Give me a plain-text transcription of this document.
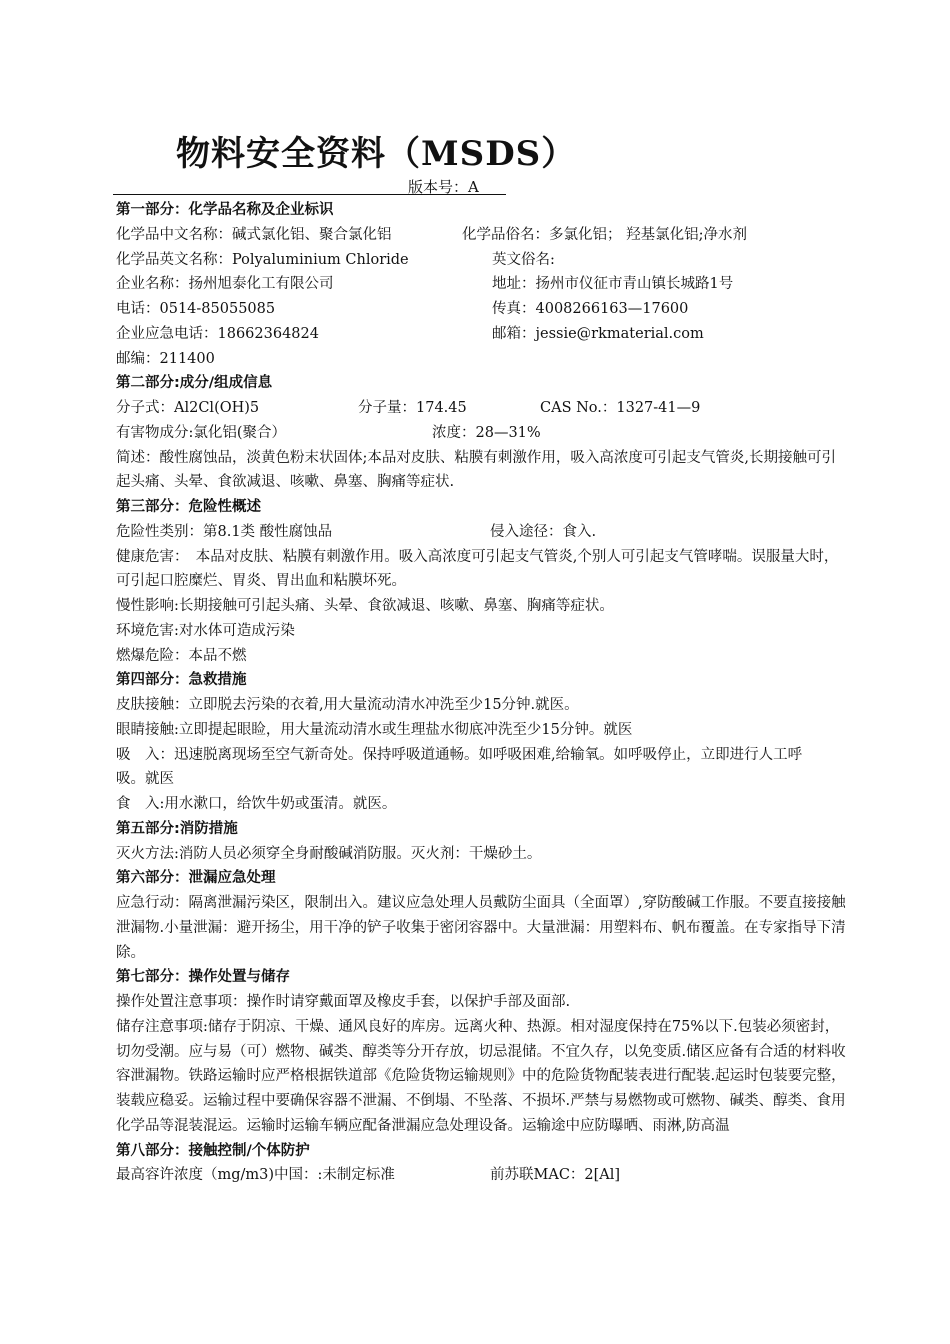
物料安全资料（MSDS）
版本号：A
第一部分：化学品名称及企业标识
化学品中文名称：碱式氯化铝、聚合氯化铝	化学品俗名：多氯化铝； 羟基氯化铝;净水剂
化学品英文名称：Polyaluminium Chloride	英文俗名:
企业名称：扬州旭泰化工有限公司	地址：扬州市仪征市青山镇长城路1号
电话：0514-85055085	传真：4008266163—17600
企业应急电话：18662364824	邮箱：jessie@rkmaterial.com
邮编：211400
第二部分:成分/组成信息
分子式：Al2Cl(OH)5	分子量：174.45	CAS No.：1327-41—9
有害物成分:氯化铝(聚合）	浓度：28—31%
简述：酸性腐蚀品，淡黄色粉末状固体;本品对皮肤、粘膜有刺激作用，吸入高浓度可引起支气管炎,长期接触可引起头痛、头晕、食欲减退、咳嗽、鼻塞、胸痛等症状.
第三部分：危险性概述
危险性类别：第8.1类 酸性腐蚀品	侵入途径：食入.
健康危害：　本品对皮肤、粘膜有刺激作用。吸入高浓度可引起支气管炎,个别人可引起支气管哮喘。误服量大时，可引起口腔糜烂、胃炎、胃出血和粘膜坏死。
慢性影响:长期接触可引起头痛、头晕、食欲减退、咳嗽、鼻塞、胸痛等症状。
环境危害:对水体可造成污染
燃爆危险：本品不燃
第四部分：急救措施
皮肤接触：立即脱去污染的衣着,用大量流动清水冲洗至少15分钟.就医。
眼睛接触:立即提起眼睑，用大量流动清水或生理盐水彻底冲洗至少15分钟。就医
吸　入：迅速脱离现场至空气新奇处。保持呼吸道通畅。如呼吸困难,给输氧。如呼吸停止，立即进行人工呼吸。就医
食　入:用水漱口，给饮牛奶或蛋清。就医。
第五部分:消防措施
灭火方法:消防人员必须穿全身耐酸碱消防服。灭火剂：干燥砂土。
第六部分：泄漏应急处理
应急行动：隔离泄漏污染区，限制出入。建议应急处理人员戴防尘面具（全面罩）,穿防酸碱工作服。不要直接接触泄漏物.小量泄漏：避开扬尘，用干净的铲子收集于密闭容器中。大量泄漏：用塑料布、帆布覆盖。在专家指导下清除。
第七部分：操作处置与储存
操作处置注意事项：操作时请穿戴面罩及橡皮手套，以保护手部及面部.
储存注意事项:储存于阴凉、干燥、通风良好的库房。远离火种、热源。相对湿度保持在75%以下.包装必须密封，切勿受潮。应与易（可）燃物、碱类、醇类等分开存放，切忌混储。不宜久存，以免变质.储区应备有合适的材料收容泄漏物。铁路运输时应严格根据铁道部《危险货物运输规则》中的危险货物配装表进行配装.起运时包装要完整，装载应稳妥。运输过程中要确保容器不泄漏、不倒塌、不坠落、不损坏.严禁与易燃物或可燃物、碱类、醇类、食用化学品等混装混运。运输时运输车辆应配备泄漏应急处理设备。运输途中应防曝晒、雨淋,防高温
第八部分：接触控制/个体防护
最高容许浓度（mg/m3)中国：:未制定标准	前苏联MAC：2[Al]
